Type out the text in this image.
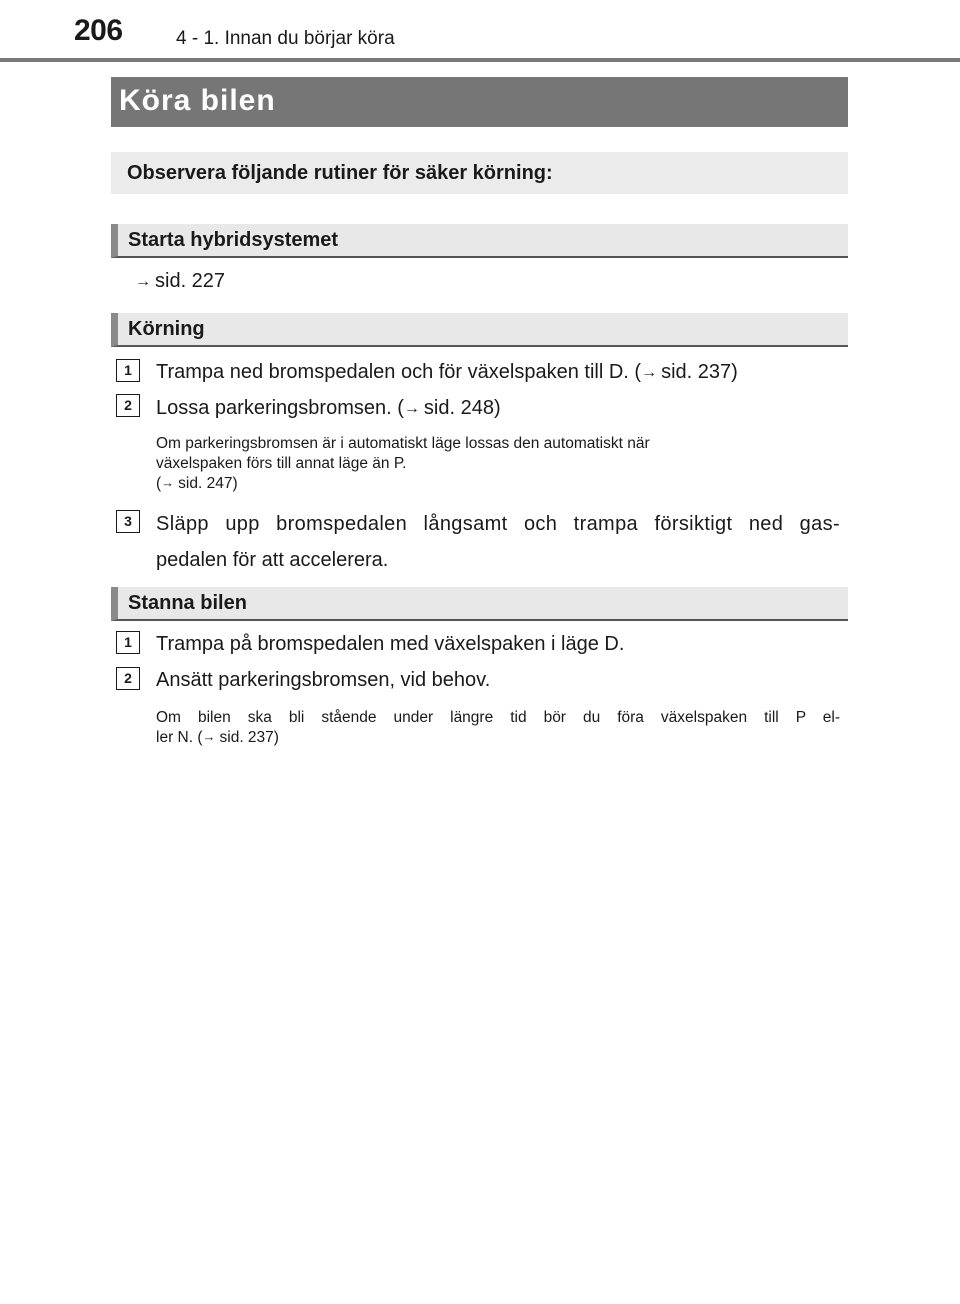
206	4 - 1. Innan du börjar köra
Köra bilen
Observera följande rutiner för säker körning:
Starta hybridsystemet
→ sid. 227
Körning
1	Trampa ned bromspedalen och för växelspaken till D. (→ sid. 237)
2	Lossa parkeringsbromsen. (→ sid. 248)
Om parkeringsbromsen är i automatiskt läge lossas den automatiskt när
växelspaken förs till annat läge än P.
(→ sid. 247)
3	Släpp upp bromspedalen långsamt och trampa försiktigt ned gas-
pedalen för att accelerera.
Stanna bilen
1	Trampa på bromspedalen med växelspaken i läge D.
2	Ansätt parkeringsbromsen, vid behov.
Om bilen ska bli stående under längre tid bör du föra växelspaken till P el-
ler N. (→ sid. 237)
